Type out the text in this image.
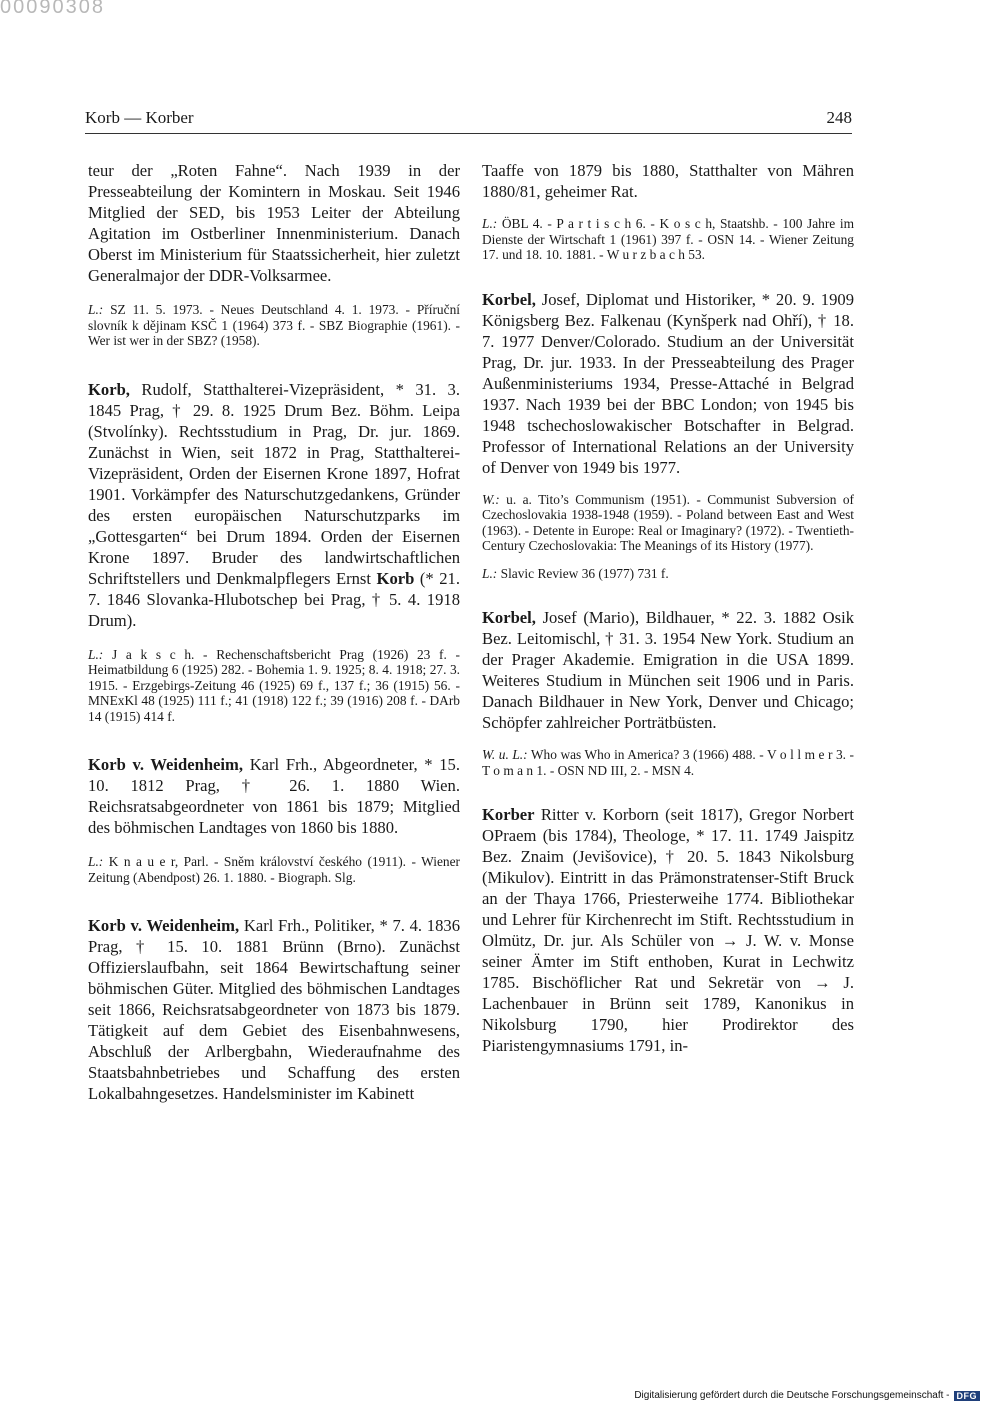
00090308
Korb — Korber	248

teur der „Roten Fahne“. Nach 1939 in der Presseabteilung der Komintern in Moskau. Seit 1946 Mitglied der SED, bis 1953 Leiter der Abteilung Agitation im Ostberliner Innenministerium. Danach Oberst im Ministerium für Staatssicherheit, hier zuletzt Generalmajor der DDR-Volksarmee.

L.: SZ 11. 5. 1973. - Neues Deutschland 4. 1. 1973. - Příruční slovník k dějinam KSČ 1 (1964) 373 f. - SBZ Biographie (1961). - Wer ist wer in der SBZ? (1958).

Korb, Rudolf, Statthalterei-Vizepräsident, * 31. 3. 1845 Prag, † 29. 8. 1925 Drum Bez. Böhm. Leipa (Stvolínky). Rechtsstudium in Prag, Dr. jur. 1869. Zunächst in Wien, seit 1872 in Prag, Statthalterei-Vizepräsident, Orden der Eisernen Krone 1897, Hofrat 1901. Vorkämpfer des Naturschutzgedankens, Gründer des ersten europäischen Naturschutzparks im „Gottesgarten“ bei Drum 1894. Orden der Eisernen Krone 1897. Bruder des landwirtschaftlichen Schriftstellers und Denkmalpflegers Ernst Korb (* 21. 7. 1846 Slovanka-Hlubotschep bei Prag, † 5. 4. 1918 Drum).

L.: J a k s c h. - Rechenschaftsbericht Prag (1926) 23 f. - Heimatbildung 6 (1925) 282. - Bohemia 1. 9. 1925; 8. 4. 1918; 27. 3. 1915. - Erzgebirgs-Zeitung 46 (1925) 69 f., 137 f.; 36 (1915) 56. - MNExKl 48 (1925) 111 f.; 41 (1918) 122 f.; 39 (1916) 208 f. - DArb 14 (1915) 414 f.

Korb v. Weidenheim, Karl Frh., Abgeordneter, * 15. 10. 1812 Prag, † 26. 1. 1880 Wien. Reichsratsabgeordneter von 1861 bis 1879; Mitglied des böhmischen Landtages von 1860 bis 1880.

L.: K n a u e r, Parl. - Sněm království českého (1911). - Wiener Zeitung (Abendpost) 26. 1. 1880. - Biograph. Slg.

Korb v. Weidenheim, Karl Frh., Politiker, * 7. 4. 1836 Prag, † 15. 10. 1881 Brünn (Brno). Zunächst Offizierslaufbahn, seit 1864 Bewirtschaftung seiner böhmischen Güter. Mitglied des böhmischen Landtages seit 1866, Reichsratsabgeordneter von 1873 bis 1879. Tätigkeit auf dem Gebiet des Eisenbahnwesens, Abschluß der Arlbergbahn, Wiederaufnahme des Staatsbahnbetriebes und Schaffung des ersten Lokalbahngesetzes. Handelsminister im Kabinett

Taaffe von 1879 bis 1880, Statthalter von Mähren 1880/81, geheimer Rat.

L.: ÖBL 4. - P a r t i s c h 6. - K o s c h, Staatshb. - 100 Jahre im Dienste der Wirtschaft 1 (1961) 397 f. - OSN 14. - Wiener Zeitung 17. und 18. 10. 1881. - W u r z b a c h 53.

Korbel, Josef, Diplomat und Historiker, * 20. 9. 1909 Königsberg Bez. Falkenau (Kynšperk nad Ohří), † 18. 7. 1977 Denver/Colorado. Studium an der Universität Prag, Dr. jur. 1933. In der Presseabteilung des Prager Außenministeriums 1934, Presse-Attaché in Belgrad 1937. Nach 1939 bei der BBC London; von 1945 bis 1948 tschechoslowakischer Botschafter in Belgrad. Professor of International Relations an der University of Denver von 1949 bis 1977.

W.: u. a. Tito’s Communism (1951). - Communist Subversion of Czechoslovakia 1938-1948 (1959). - Poland between East and West (1963). - Detente in Europe: Real or Imaginary? (1972). - Twentieth-Century Czechoslovakia: The Meanings of its History (1977).

L.: Slavic Review 36 (1977) 731 f.

Korbel, Josef (Mario), Bildhauer, * 22. 3. 1882 Osik Bez. Leitomischl, † 31. 3. 1954 New York. Studium an der Prager Akademie. Emigration in die USA 1899. Weiteres Studium in München seit 1906 und in Paris. Danach Bildhauer in New York, Denver und Chicago; Schöpfer zahlreicher Porträtbüsten.

W. u. L.: Who was Who in America? 3 (1966) 488. - V o l l m e r 3. - T o m a n 1. - OSN ND III, 2. - MSN 4.

Korber Ritter v. Korborn (seit 1817), Gregor Norbert OPraem (bis 1784), Theologe, * 17. 11. 1749 Jaispitz Bez. Znaim (Jevišovice), † 20. 5. 1843 Nikolsburg (Mikulov). Eintritt in das Prämonstratenser-Stift Bruck an der Thaya 1766, Priesterweihe 1774. Bibliothekar und Lehrer für Kirchenrecht im Stift. Rechtsstudium in Olmütz, Dr. jur. Als Schüler von → J. W. v. Monse seiner Ämter im Stift enthoben, Kurat in Lechwitz 1785. Bischöflicher Rat und Sekretär von → J. Lachenbauer in Brünn seit 1789, Kanonikus in Nikolsburg 1790, hier Prodirektor des Piaristengymnasiums 1791, in-

Digitalisierung gefördert durch die Deutsche Forschungsgemeinschaft - DFG
